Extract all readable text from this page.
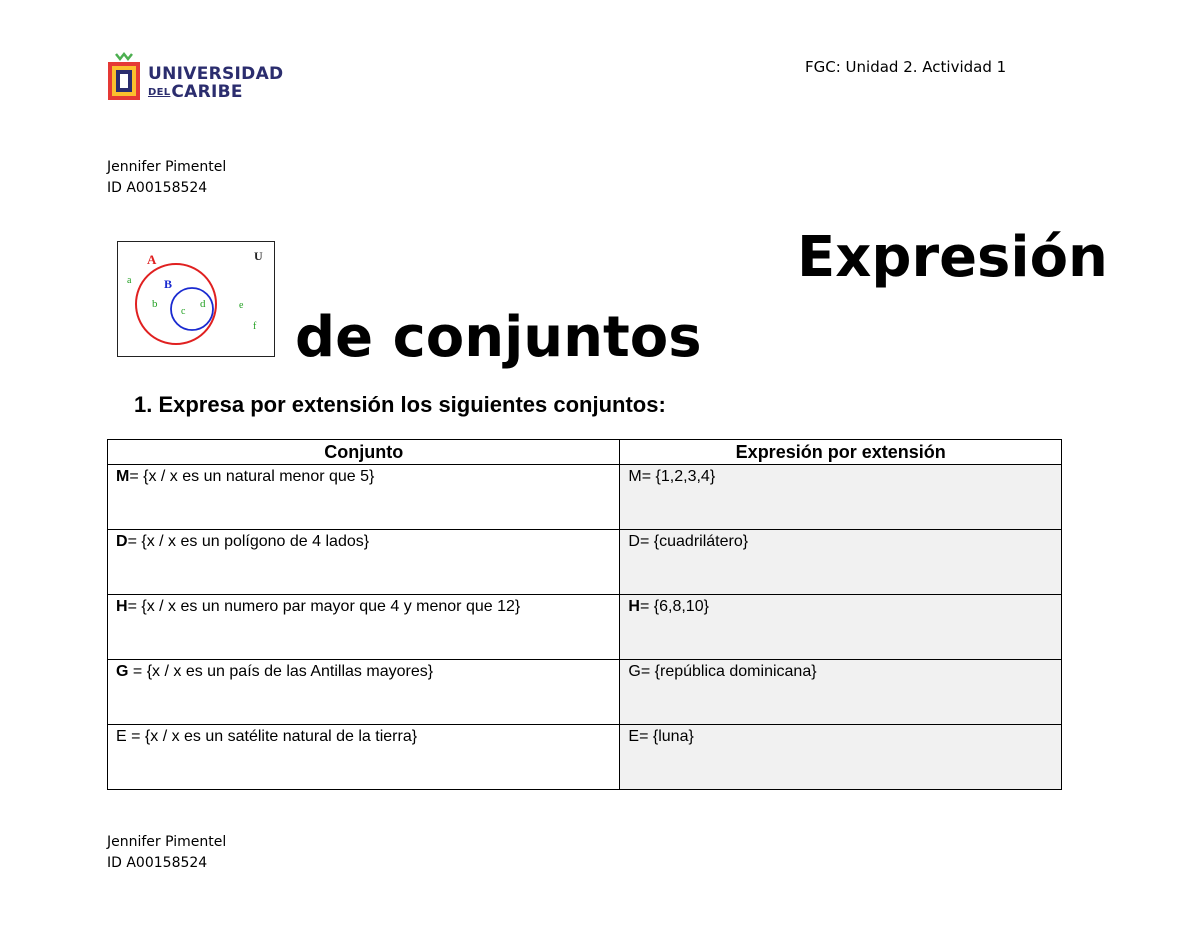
UNIVERSIDAD
DELCARIBE
FGC: Unidad 2. Actividad 1
Jennifer Pimentel
ID A00158524
A
B
U
a
b
c
d	e
f
Expresión
de conjuntos
1. Expresa por extensión los siguientes conjuntos:
Conjunto	Expresión por extensión
M= {x / x es un natural menor que 5}	M= {1,2,3,4}
D= {x / x es un polígono de 4 lados}	D= {cuadrilátero}
H= {x / x es un numero par mayor que 4 y menor que 12}	H= {6,8,10}
G = {x / x es un país de las Antillas mayores}	G= {república dominicana}
E = {x / x es un satélite natural de la tierra}	E= {luna}
Jennifer Pimentel
ID A00158524
